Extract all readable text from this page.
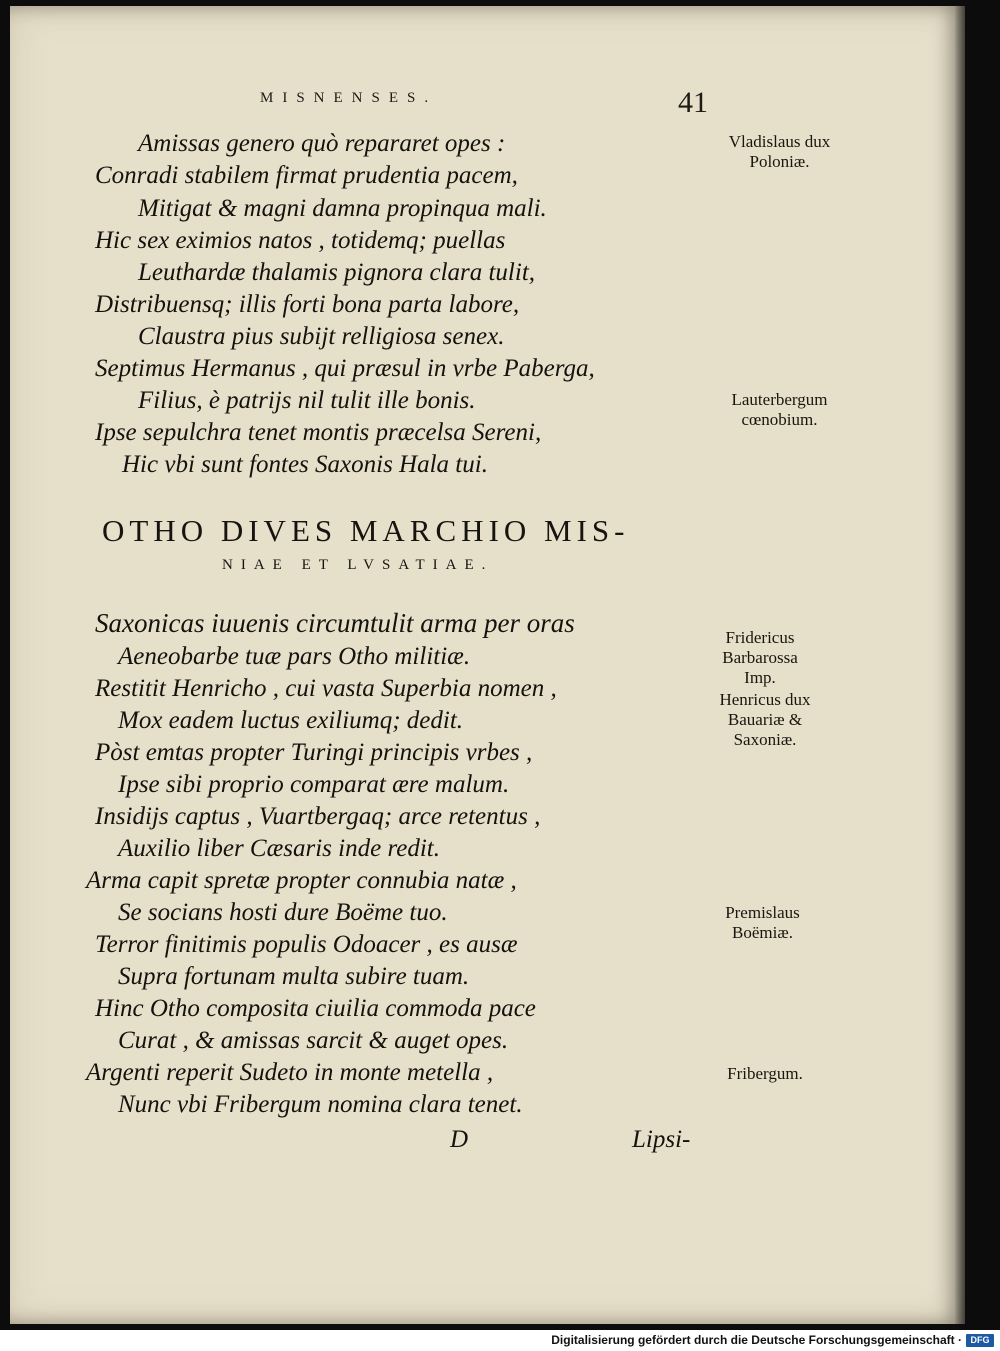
MISNENSES.	41
Amissas genero quò repararet opes :
Conradi stabilem firmat prudentia pacem,
Mitigat & magni damna propinqua mali.
Hic sex eximios natos , totidemq; puellas
Leuthardæ thalamis pignora clara tulit,
Distribuensq; illis forti bona parta labore,
Claustra pius subijt relligiosa senex.
Septimus Hermanus , qui præsul in vrbe Paberga,
Filius, è patrijs nil tulit ille bonis.
Ipse sepulchra tenet montis præcelsa Sereni,
Hic vbi sunt fontes Saxonis Hala tui.
OTHO DIVES MARCHIO MIS-
NIAE ET LVSATIAE.
Saxonicas iuuenis circumtulit arma per oras
Aeneobarbe tuæ pars Otho militiæ.
Restitit Henricho , cui vasta Superbia nomen ,
Mox eadem luctus exiliumq; dedit.
Pòst emtas propter Turingi principis vrbes ,
Ipse sibi proprio comparat ære malum.
Insidijs captus , Vuartbergaq; arce retentus ,
Auxilio liber Cæsaris inde redit.
Arma capit spretæ propter connubia natæ ,
Se socians hosti dure Boëme tuo.
Terror finitimis populis Odoacer , es ausæ
Supra fortunam multa subire tuam.
Hinc Otho composita ciuilia commoda pace
Curat , & amissas sarcit & auget opes.
Argenti reperit Sudeto in monte metella ,
Nunc vbi Fribergum nomina clara tenet.
D	Lipsi-
Vladislaus dux Poloniæ.
Lauterbergum cœnobium.
Fridericus Barbarossa Imp.
Henricus dux Bauariæ & Saxoniæ.
Premislaus Boëmiæ.
Fribergum.
Digitalisierung gefördert durch die Deutsche Forschungsgemeinschaft · DFG
